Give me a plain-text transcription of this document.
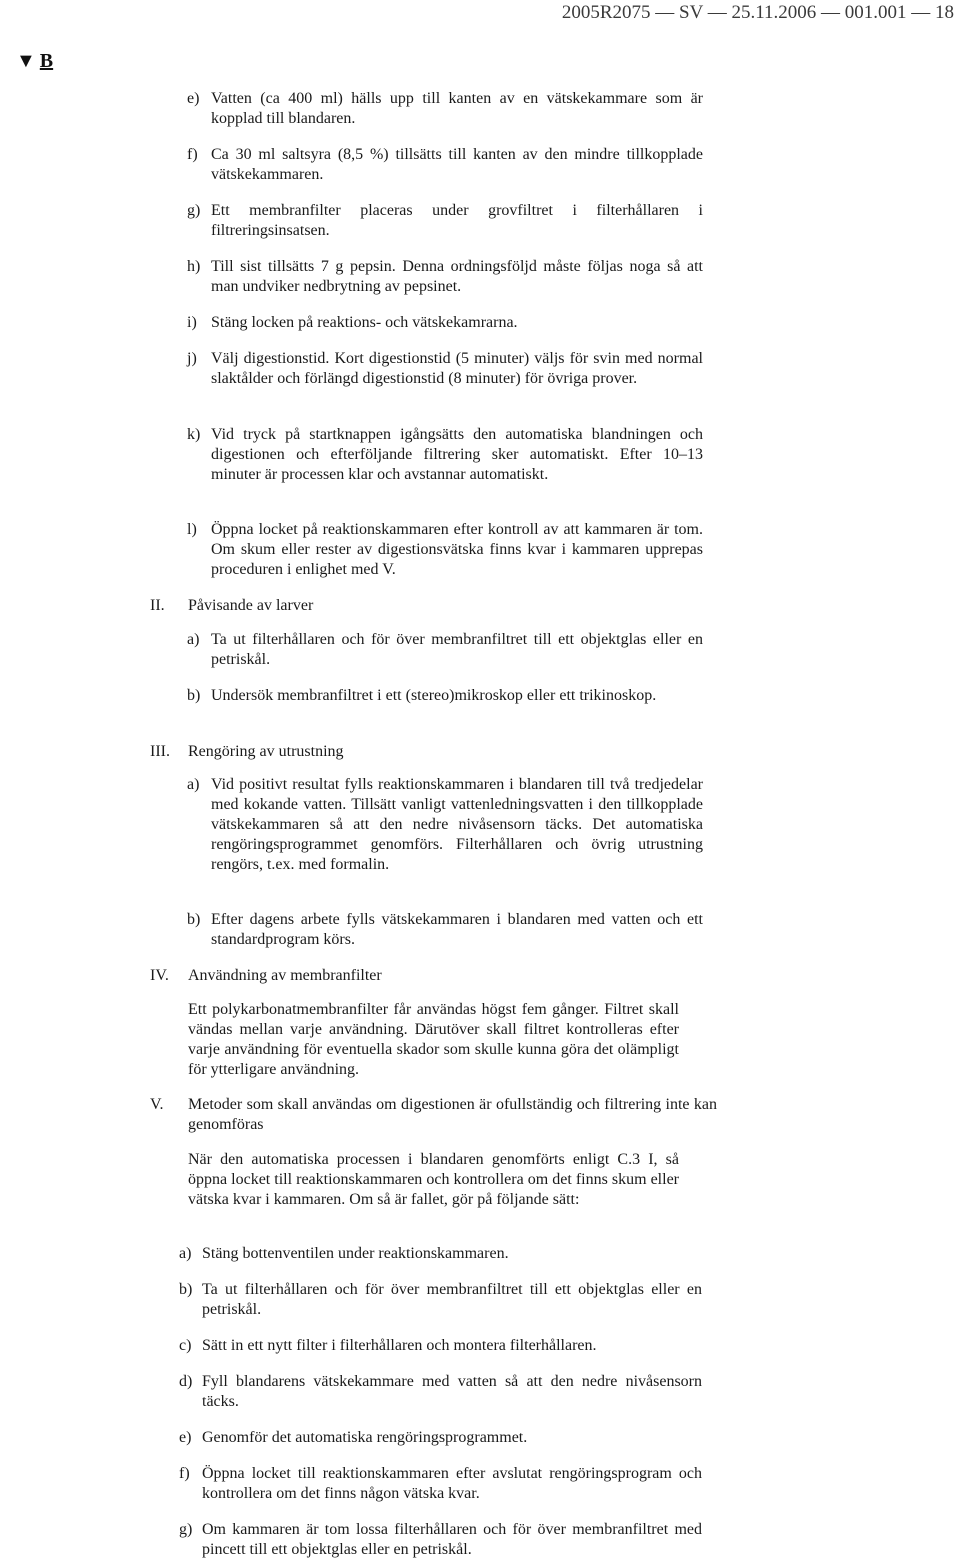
2005R2075 — SV — 25.11.2006 — 001.001 — 18
▼ B
e) Vatten (ca 400 ml) hälls upp till kanten av en vätskekammare som är kopplad till blandaren.
f) Ca 30 ml saltsyra (8,5 %) tillsätts till kanten av den mindre tillkopplade vätskekammaren.
g) Ett membranfilter placeras under grovfiltret i filterhållaren i filtreringsinsatsen.
h) Till sist tillsätts 7 g pepsin. Denna ordningsföljd måste följas noga så att man undviker nedbrytning av pepsinet.
i) Stäng locken på reaktions- och vätskekamrarna.
j) Välj digestionstid. Kort digestionstid (5 minuter) väljs för svin med normal slaktålder och förlängd digestionstid (8 minuter) för övriga prover.
k) Vid tryck på startknappen igångsätts den automatiska blandningen och digestionen och efterföljande filtrering sker automatiskt. Efter 10–13 minuter är processen klar och avstannar automatiskt.
l) Öppna locket på reaktionskammaren efter kontroll av att kammaren är tom. Om skum eller rester av digestionsvätska finns kvar i kammaren upprepas proceduren i enlighet med V.
II. Påvisande av larver
a) Ta ut filterhållaren och för över membranfiltret till ett objektglas eller en petriskål.
b) Undersök membranfiltret i ett (stereo)mikroskop eller ett trikinoskop.
III. Rengöring av utrustning
a) Vid positivt resultat fylls reaktionskammaren i blandaren till två tredjedelar med kokande vatten. Tillsätt vanligt vattenledningsvatten i den tillkopplade vätskekammaren så att den nedre nivåsensorn täcks. Det automatiska rengöringsprogrammet genomförs. Filterhållaren och övrig utrustning rengörs, t.ex. med formalin.
b) Efter dagens arbete fylls vätskekammaren i blandaren med vatten och ett standardprogram körs.
IV. Användning av membranfilter
Ett polykarbonatmembranfilter får användas högst fem gånger. Filtret skall vändas mellan varje användning. Därutöver skall filtret kontrolleras efter varje användning för eventuella skador som skulle kunna göra det olämpligt för ytterligare användning.
V. Metoder som skall användas om digestionen är ofullständig och filtrering inte kan genomföras
När den automatiska processen i blandaren genomförts enligt C.3 I, så öppna locket till reaktionskammaren och kontrollera om det finns skum eller vätska kvar i kammaren. Om så är fallet, gör på följande sätt:
a) Stäng bottenventilen under reaktionskammaren.
b) Ta ut filterhållaren och för över membranfiltret till ett objektglas eller en petriskål.
c) Sätt in ett nytt filter i filterhållaren och montera filterhållaren.
d) Fyll blandarens vätskekammare med vatten så att den nedre nivåsensorn täcks.
e) Genomför det automatiska rengöringsprogrammet.
f) Öppna locket till reaktionskammaren efter avslutat rengöringsprogram och kontrollera om det finns någon vätska kvar.
g) Om kammaren är tom lossa filterhållaren och för över membranfiltret med pincett till ett objektglas eller en petriskål.
